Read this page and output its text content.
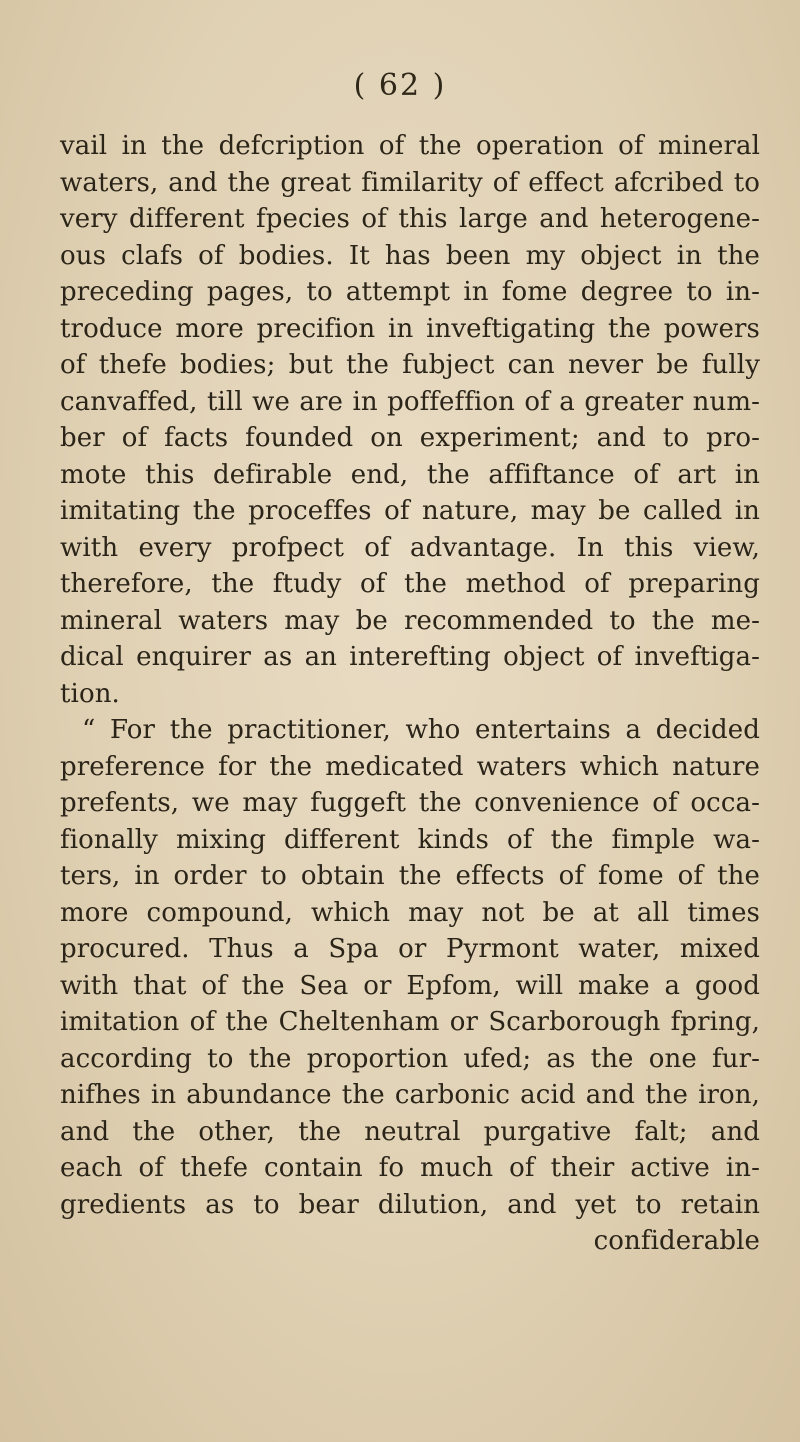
( 62 )
vail in the defcription of the operation of mineral
waters, and the great fimilarity of effect afcribed to
very different fpecies of this large and heterogene-
ous clafs of bodies. It has been my object in the
preceding pages, to attempt in fome degree to in-
troduce more precifion in inveftigating the powers
of thefe bodies; but the fubject can never be fully
canvaffed, till we are in poffeffion of a greater num-
ber of facts founded on experiment; and to pro-
mote this defirable end, the affiftance of art in
imitating the proceffes of nature, may be called in
with every profpect of advantage. In this view,
therefore, the ftudy of the method of preparing
mineral waters may be recommended to the me-
dical enquirer as an interefting object of inveftiga-
tion.
“ For the practitioner, who entertains a decided
preference for the medicated waters which nature
prefents, we may fuggeft the convenience of occa-
fionally mixing different kinds of the fimple wa-
ters, in order to obtain the effects of fome of the
more compound, which may not be at all times
procured. Thus a Spa or Pyrmont water, mixed
with that of the Sea or Epfom, will make a good
imitation of the Cheltenham or Scarborough fpring,
according to the proportion ufed; as the one fur-
nifhes in abundance the carbonic acid and the iron,
and the other, the neutral purgative falt; and
each of thefe contain fo much of their active in-
gredients as to bear dilution, and yet to retain
confiderable
